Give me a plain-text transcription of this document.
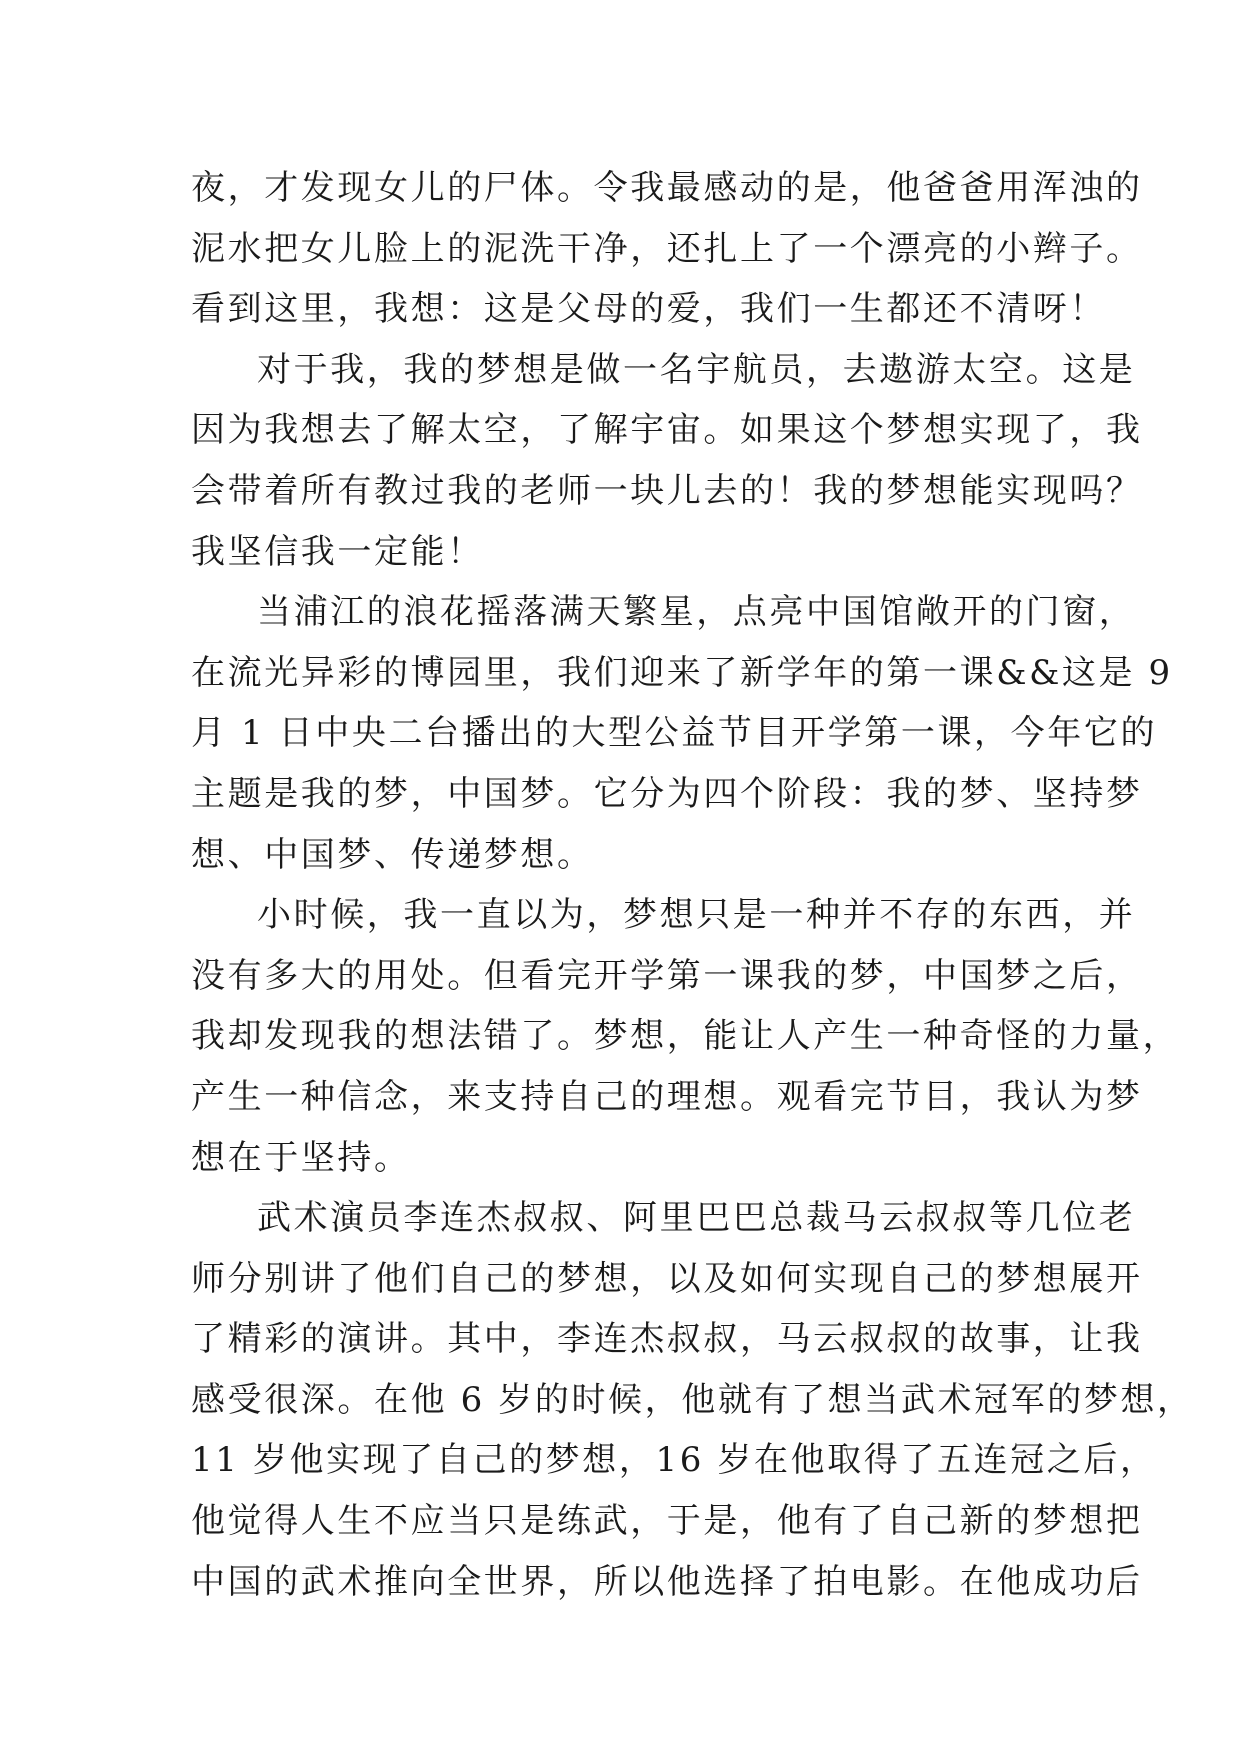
夜，才发现女儿的尸体。令我最感动的是，他爸爸用浑浊的
泥水把女儿脸上的泥洗干净，还扎上了一个漂亮的小辫子。
看到这里，我想：这是父母的爱，我们一生都还不清呀！
对于我，我的梦想是做一名宇航员，去遨游太空。这是
因为我想去了解太空，了解宇宙。如果这个梦想实现了，我
会带着所有教过我的老师一块儿去的！我的梦想能实现吗？
我坚信我一定能！
当浦江的浪花摇落满天繁星，点亮中国馆敞开的门窗，
在流光异彩的博园里，我们迎来了新学年的第一课&&这是 9
月 1 日中央二台播出的大型公益节目开学第一课，今年它的
主题是我的梦，中国梦。它分为四个阶段：我的梦、坚持梦
想、中国梦、传递梦想。
小时候，我一直以为，梦想只是一种并不存的东西，并
没有多大的用处。但看完开学第一课我的梦，中国梦之后，
我却发现我的想法错了。梦想，能让人产生一种奇怪的力量，
产生一种信念，来支持自己的理想。观看完节目，我认为梦
想在于坚持。
武术演员李连杰叔叔、阿里巴巴总裁马云叔叔等几位老
师分别讲了他们自己的梦想，以及如何实现自己的梦想展开
了精彩的演讲。其中，李连杰叔叔，马云叔叔的故事，让我
感受很深。在他 6 岁的时候，他就有了想当武术冠军的梦想，
11 岁他实现了自己的梦想，16 岁在他取得了五连冠之后，
他觉得人生不应当只是练武，于是，他有了自己新的梦想把
中国的武术推向全世界，所以他选择了拍电影。在他成功后
